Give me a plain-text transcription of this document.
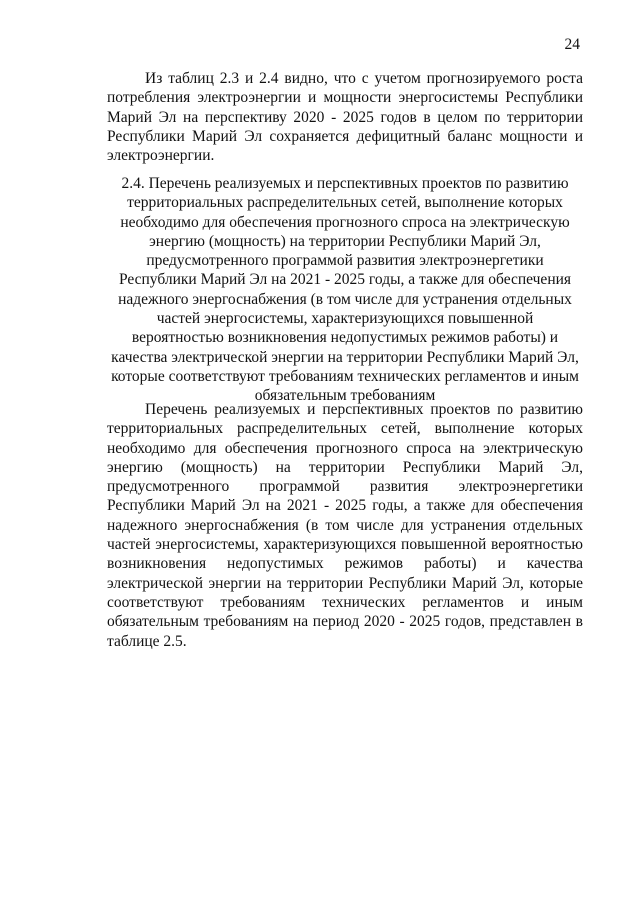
24

Из таблиц 2.3 и 2.4 видно, что с учетом прогнозируемого роста потребления электроэнергии и мощности энергосистемы Республики Марий Эл на перспективу 2020 - 2025 годов в целом по территории Республики Марий Эл сохраняется дефицитный баланс мощности и электроэнергии.

2.4. Перечень реализуемых и перспективных проектов по развитию территориальных распределительных сетей, выполнение которых необходимо для обеспечения прогнозного спроса на электрическую энергию (мощность) на территории Республики Марий Эл, предусмотренного программой развития электроэнергетики Республики Марий Эл на 2021 - 2025 годы, а также для обеспечения надежного энергоснабжения (в том числе для устранения отдельных частей энергосистемы, характеризующихся повышенной вероятностью возникновения недопустимых режимов работы) и качества электрической энергии на территории Республики Марий Эл, которые соответствуют требованиям технических регламентов и иным обязательным требованиям

Перечень реализуемых и перспективных проектов по развитию территориальных распределительных сетей, выполнение которых необходимо для обеспечения прогнозного спроса на электрическую энергию (мощность) на территории Республики Марий Эл, предусмотренного программой развития электроэнергетики Республики Марий Эл на 2021 - 2025 годы, а также для обеспечения надежного энергоснабжения (в том числе для устранения отдельных частей энергосистемы, характеризующихся повышенной вероятностью возникновения недопустимых режимов работы) и качества электрической энергии на территории Республики Марий Эл, которые соответствуют требованиям технических регламентов и иным обязательным требованиям на период 2020 - 2025 годов, представлен в таблице 2.5.
